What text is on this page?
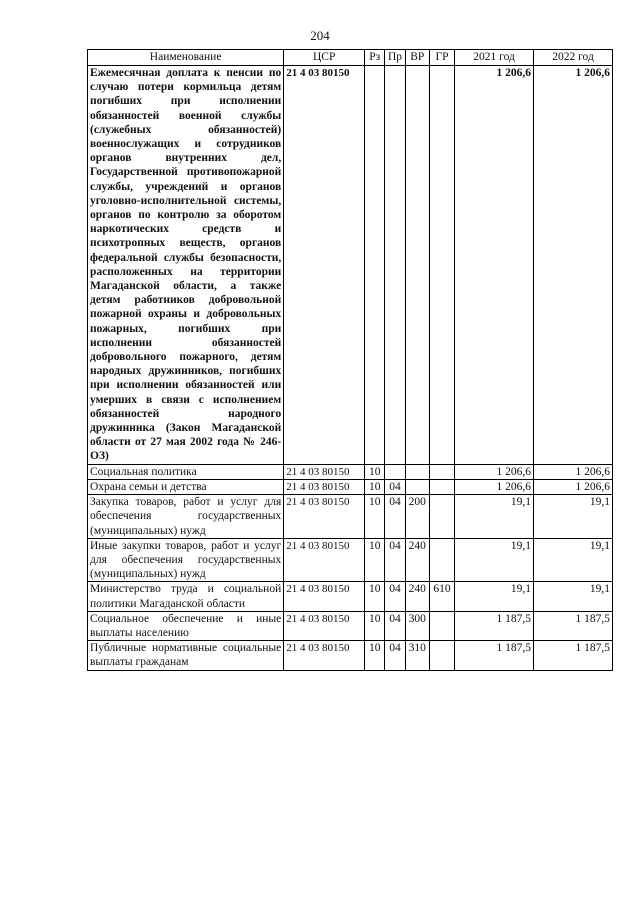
204
Наименование	ЦСР	Рз	Пр	ВР	ГР	2021 год	2022 год
Ежемесячная доплата к пенсии по случаю потери кормильца детям погибших при исполнении обязанностей военной службы (служебных обязанностей) военнослужащих и сотрудников органов внутренних дел, Государственной противопожарной службы, учреждений и органов уголовно-исполнительной системы, органов по контролю за оборотом наркотических средств и психотропных веществ, органов федеральной службы безопасности, расположенных на территории Магаданской области, а также детям работников добровольной пожарной охраны и добровольных пожарных, погибших при исполнении обязанностей добровольного пожарного, детям народных дружинников, погибших при исполнении обязанностей или умерших в связи с исполнением обязанностей народного дружинника (Закон Магаданской области от 27 мая 2002 года № 246-ОЗ)	21 4 03 80150					1 206,6	1 206,6
Социальная политика	21 4 03 80150	10				1 206,6	1 206,6
Охрана семьи и детства	21 4 03 80150	10	04			1 206,6	1 206,6
Закупка товаров, работ и услуг для обеспечения государственных (муниципальных) нужд	21 4 03 80150	10	04	200		19,1	19,1
Иные закупки товаров, работ и услуг для обеспечения государственных (муниципальных) нужд	21 4 03 80150	10	04	240		19,1	19,1
Министерство труда и социальной политики Магаданской области	21 4 03 80150	10	04	240	610	19,1	19,1
Социальное обеспечение и иные выплаты населению	21 4 03 80150	10	04	300		1 187,5	1 187,5
Публичные нормативные социальные выплаты гражданам	21 4 03 80150	10	04	310		1 187,5	1 187,5
